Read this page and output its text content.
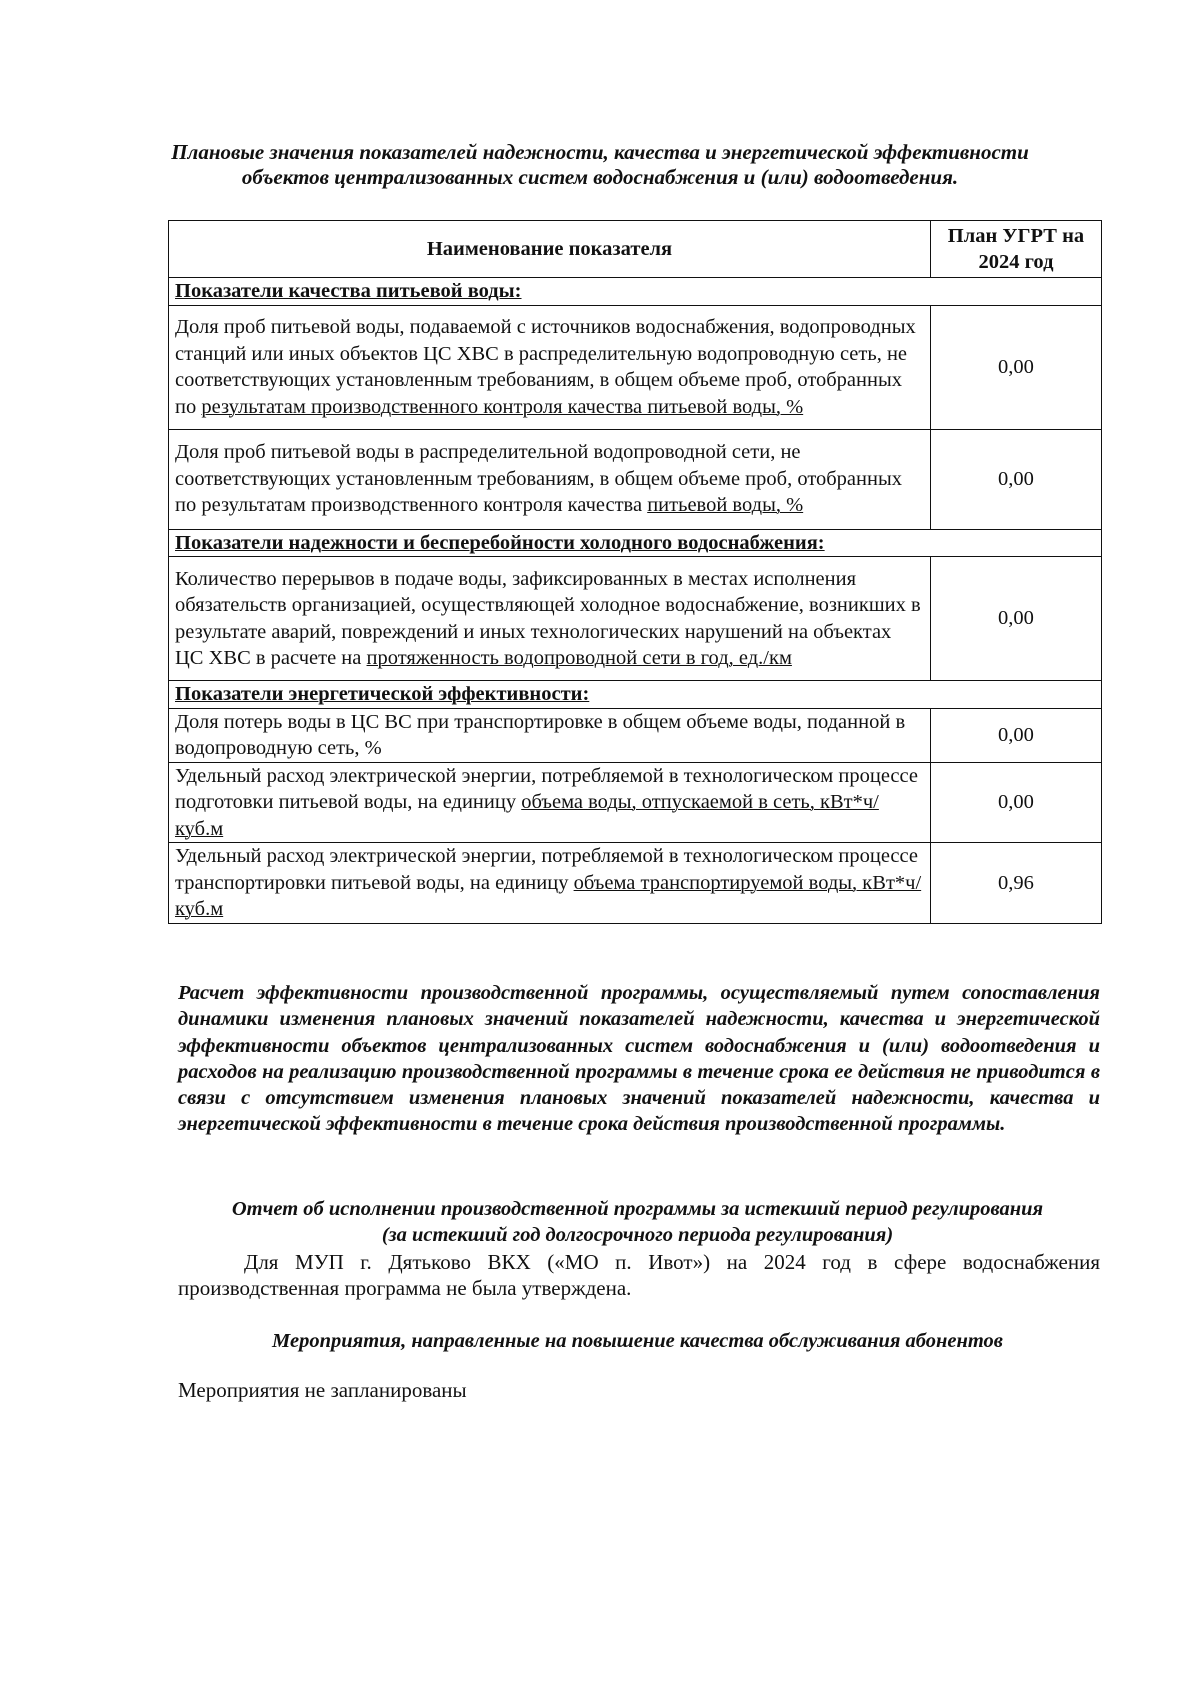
Плановые значения показателей надежности, качества и энергетической эффективности объектов централизованных систем водоснабжения и (или) водоотведения.
Наименование показателя	План УГРТ на 2024 год
Показатели качества питьевой воды:	
Доля проб питьевой воды, подаваемой с источников водоснабжения, водопроводных станций или иных объектов ЦС ХВС в распределительную водопроводную сеть, не соответствующих установленным требованиям, в общем объеме проб, отобранных по результатам производственного контроля качества питьевой воды, %	0,00
Доля проб питьевой воды в распределительной водопроводной сети, не соответствующих установленным требованиям, в общем объеме проб, отобранных по результатам производственного контроля качества питьевой воды, %	0,00
Показатели надежности и бесперебойности холодного водоснабжения:	
Количество перерывов в подаче воды, зафиксированных в местах исполнения обязательств организацией, осуществляющей холодное водоснабжение, возникших в результате аварий, повреждений и иных технологических нарушений на объектах ЦС ХВС в расчете на протяженность водопроводной сети в год, ед./км	0,00
Показатели энергетической эффективности:	
Доля потерь воды в ЦС ВС при транспортировке в общем объеме воды, поданной в водопроводную сеть, %	0,00
Удельный расход электрической энергии, потребляемой в технологическом процессе подготовки питьевой воды, на единицу объема воды, отпускаемой в сеть, кВт*ч/ куб.м	0,00
Удельный расход электрической энергии, потребляемой в технологическом процессе транспортировки питьевой воды, на единицу объема транспортируемой воды, кВт*ч/ куб.м	0,96
Расчет эффективности производственной программы, осуществляемый путем сопоставления динамики изменения плановых значений показателей надежности, качества и энергетической эффективности объектов централизованных систем водоснабжения и (или) водоотведения и расходов на реализацию производственной программы в течение срока ее действия не приводится в связи с отсутствием изменения плановых значений показателей надежности, качества и энергетической эффективности в течение срока действия производственной программы.
Отчет об исполнении производственной программы за истекший период регулирования
(за истекший год долгосрочного периода регулирования)
Для МУП г. Дятьково ВКХ («МО п. Ивот») на 2024 год в сфере водоснабжения производственная программа не была утверждена.
Мероприятия, направленные на повышение качества обслуживания абонентов
Мероприятия не запланированы
